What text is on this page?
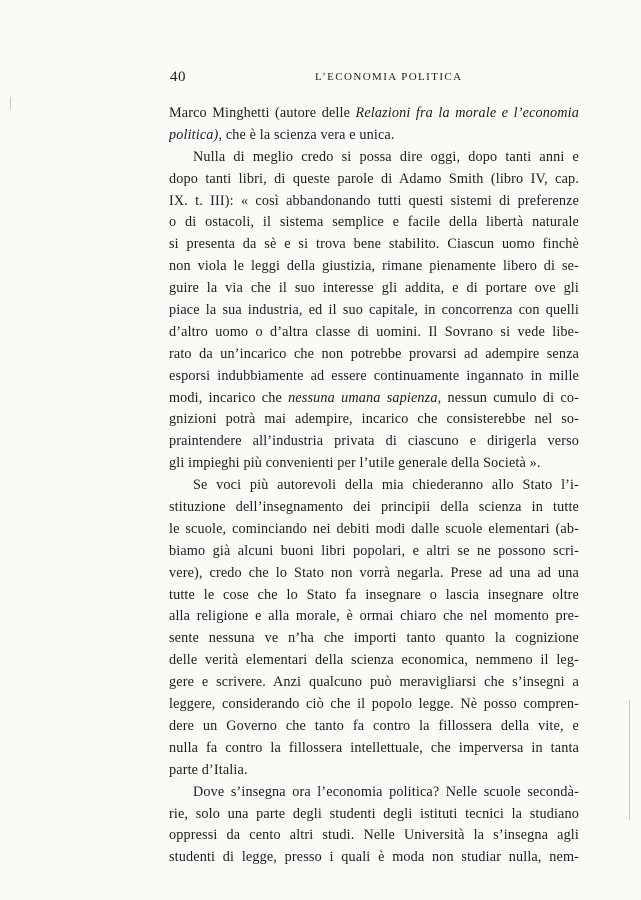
40	L’ECONOMIA POLITICA
Marco Minghetti (autore delle Relazioni fra la morale e l’economia
politica), che è la scienza vera e unica.
Nulla di meglio credo si possa dire oggi, dopo tanti anni e
dopo tanti libri, di queste parole di Adamo Smith (libro IV, cap.
IX. t. III): « così abbandonando tutti questi sistemi di preferenze
o di ostacoli, il sistema semplice e facile della libertà naturale
si presenta da sè e si trova bene stabilito. Ciascun uomo finchè
non viola le leggi della giustizia, rimane pienamente libero di se-
guire la via che il suo interesse gli addita, e di portare ove gli
piace la sua industria, ed il suo capitale, in concorrenza con quelli
d’altro uomo o d’altra classe di uomini. Il Sovrano si vede libe-
rato da un’incarico che non potrebbe provarsi ad adempire senza
esporsi indubbiamente ad essere continuamente ingannato in mille
modi, incarico che nessuna umana sapienza, nessun cumulo di co-
gnizioni potrà mai adempire, incarico che consisterebbe nel so-
praintendere all’industria privata di ciascuno e dirigerla verso
gli impieghi più convenienti per l’utile generale della Società ».
Se voci più autorevoli della mia chiederanno allo Stato l’i-
stituzione dell’insegnamento dei principii della scienza in tutte
le scuole, cominciando nei debiti modi dalle scuole elementari (ab-
biamo già alcuni buoni libri popolari, e altri se ne possono scri-
vere), credo che lo Stato non vorrà negarla. Prese ad una ad una
tutte le cose che lo Stato fa insegnare o lascia insegnare oltre
alla religione e alla morale, è ormai chiaro che nel momento pre-
sente nessuna ve n’ha che importi tanto quanto la cognizione
delle verità elementari della scienza economica, nemmeno il leg-
gere e scrivere. Anzi qualcuno può meravigliarsi che s’insegni a
leggere, considerando ciò che il popolo legge. Nè posso compren-
dere un Governo che tanto fa contro la fillossera della vite, e
nulla fa contro la fillossera intellettuale, che imperversa in tanta
parte d’Italia.
Dove s’insegna ora l’economia politica? Nelle scuole secondà-
rie, solo una parte degli studenti degli istituti tecnici la studiano
oppressi da cento altri studi. Nelle Università la s’insegna agli
studenti di legge, presso i quali è moda non studiar nulla, nem-
